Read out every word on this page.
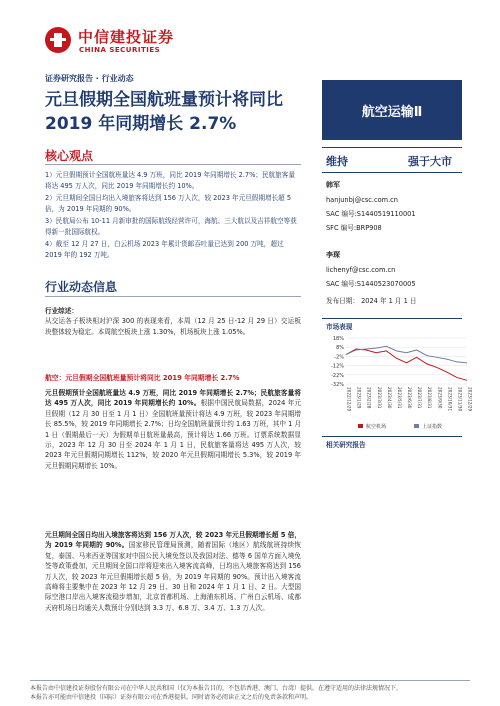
中信建投证券
CHINA SECURITIES
证券研究报告 · 行业动态
元旦假期全国航班量预计将同比
2019 年同期增长 2.7%
航空运输Ⅱ
核心观点
1）元旦假期预计全国航班量达 4.9 万班，同比 2019 年同期增长 2.7%；民航旅客量将达 495 万人次，同比 2019 年同期增长约 10%。
2）元旦期间全国日均出入境旅客将达到 156 万人次，较 2023 年元旦假期增长超 5 倍，为 2019 年同期的 90%。
3）民航局公布 10-11 月新审批的国际航线经营许可，海航、三大航以及吉祥航空等获得新一批国际航权。
4）截至 12 月 27 日，白云机场 2023 年累计货邮吞吐量已达到 200 万吨，超过 2019 年的 192 万吨。
行业动态信息
行业综述：
从交运各子板块相对沪深 300 的表现来看，本周（12 月 25 日-12 月 29 日）交运板块整体较为稳定。本周航空板块上涨 1.30%，机场板块上涨 1.05%。
航空：元旦假期全国航班量预计将同比 2019 年同期增长 2.7%
元旦假期预计全国航班量达 4.9 万班，同比 2019 年同期增长 2.7%；民航旅客量将达 495 万人次，同比 2019 年同期增长约 10%。根据中国民航局数据，2024 年元旦假期（12 月 30 日至 1 月 1 日）全国航班量预计将达 4.9 万班，较 2023 年同期增长 85.5%，较 2019 年同期增长 2.7%；日均全国航班量预计约 1.63 万班，其中 1 月 1 日（假期最后一天）为假期单日航班量最高，预计将达 1.66 万班。订票系统数据显示，2023 年 12 月 30 日至 2024 年 1 月 1 日，民航旅客量将达 495 万人次，较 2023 年元旦假期同期增长 112%，较 2020 年元旦假期同期增长 5.3%，较 2019 年元旦假期同期增长 10%。
元旦期间全国日均出入境旅客将达到 156 万人次，较 2023 年元旦假期增长超 5 倍，为 2019 年同期的 90%。国家移民管理局预测，随着国际（地区）航线航班持续恢复，泰国、马来西亚等国家对中国公民入境免签以及我国对法、德等 6 国单方面入境免签等政策叠加，元旦期间全国口岸将迎来出入境客流高峰，日均出入境旅客将达到 156 万人次，较 2023 年元旦假期增长超 5 倍，为 2019 年同期的 90%。预计出入境客流高峰将主要集中在 2023 年 12 月 29 日、30 日和 2024 年 1 月 1 日、2 日。大型国际空港口岸出入境客流稳步增加，北京首都机场、上海浦东机场、广州白云机场、成都天府机场日均通关人数预计分别达到 3.3 万、6.8 万、3.4 万、1.3 万人次。
维持	强于大市
韩军
hanjunbj@csc.com.cn
SAC 编号:S1440519110001
SFC 编号:BRP908
李琛
lichenyf@csc.com.cn
SAC 编号:S1440523070005
发布日期： 2024 年 1 月 1 日
市场表现
18%
8%
-2%
-12%
-22%
-32%
2022/12/29 2023/1/29 2023/2/28 2023/3/31 2023/4/30 2023/5/31 2023/6/30 2023/7/31 2023/8/31 2023/9/30 2023/10/31 2023/11/30 2023/12/29
航空机场	上证指数
相关研究报告
本报告由中信建投证券股份有限公司在中华人民共和国（仅为本报告目的，不包括香港、澳门、台湾）提供。在遵守适用的法律法规情况下，
本报告亦可能由中信建投（国际）证券有限公司在香港提供。同时请务必阅读正文之后的免责条款和声明。
